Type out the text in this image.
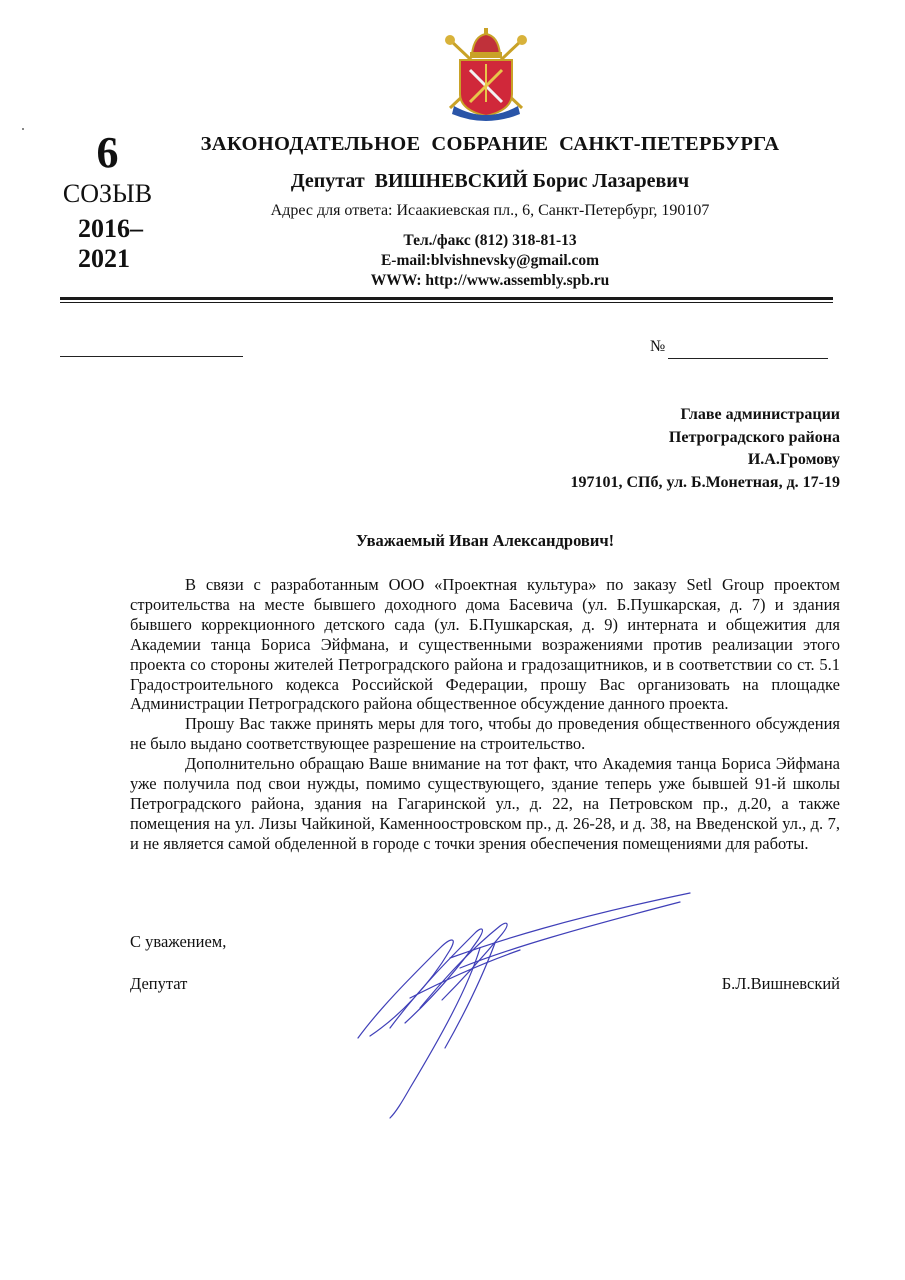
6
СОЗЫВ
2016–
2021
ЗАКОНОДАТЕЛЬНОЕ  СОБРАНИЕ  САНКТ-ПЕТЕРБУРГА
Депутат  ВИШНЕВСКИЙ Борис Лазаревич
Адрес для ответа: Исаакиевская пл., 6, Санкт-Петербург, 190107
Тел./факс (812) 318-81-13
E-mail:blvishnevsky@gmail.com
WWW: http://www.assembly.spb.ru
№
Главе администрации
Петроградского района
И.А.Громову
197101, СПб, ул. Б.Монетная, д. 17-19
Уважаемый Иван Александрович!

В связи с разработанным ООО «Проектная культура» по заказу Setl Group проектом строительства на месте бывшего доходного дома Басевича (ул. Б.Пушкарская, д. 7) и здания бывшего коррекционного детского сада (ул. Б.Пушкарская, д. 9) интерната и общежития для Академии танца Бориса Эйфмана, и существенными возражениями против реализации этого проекта со стороны жителей Петроградского района и градозащитников, и в соответствии со ст. 5.1 Градостроительного кодекса Российской Федерации, прошу Вас организовать на площадке Администрации Петроградского района общественное обсуждение данного проекта.

Прошу Вас также принять меры для того, чтобы до проведения общественного обсуждения не было выдано соответствующее разрешение на строительство.

Дополнительно обращаю Ваше внимание на тот факт, что Академия танца Бориса Эйфмана уже получила под свои нужды, помимо существующего, здание теперь уже бывшей 91-й школы Петроградского района, здания на Гагаринской ул., д. 22, на Петровском пр., д.20, а также помещения на ул. Лизы Чайкиной, Каменноостровском пр., д. 26-28, и д. 38, на Введенской ул., д. 7, и не является самой обделенной в городе с точки зрения обеспечения помещениями для работы.

С уважением,
Депутат	Б.Л.Вишневский
